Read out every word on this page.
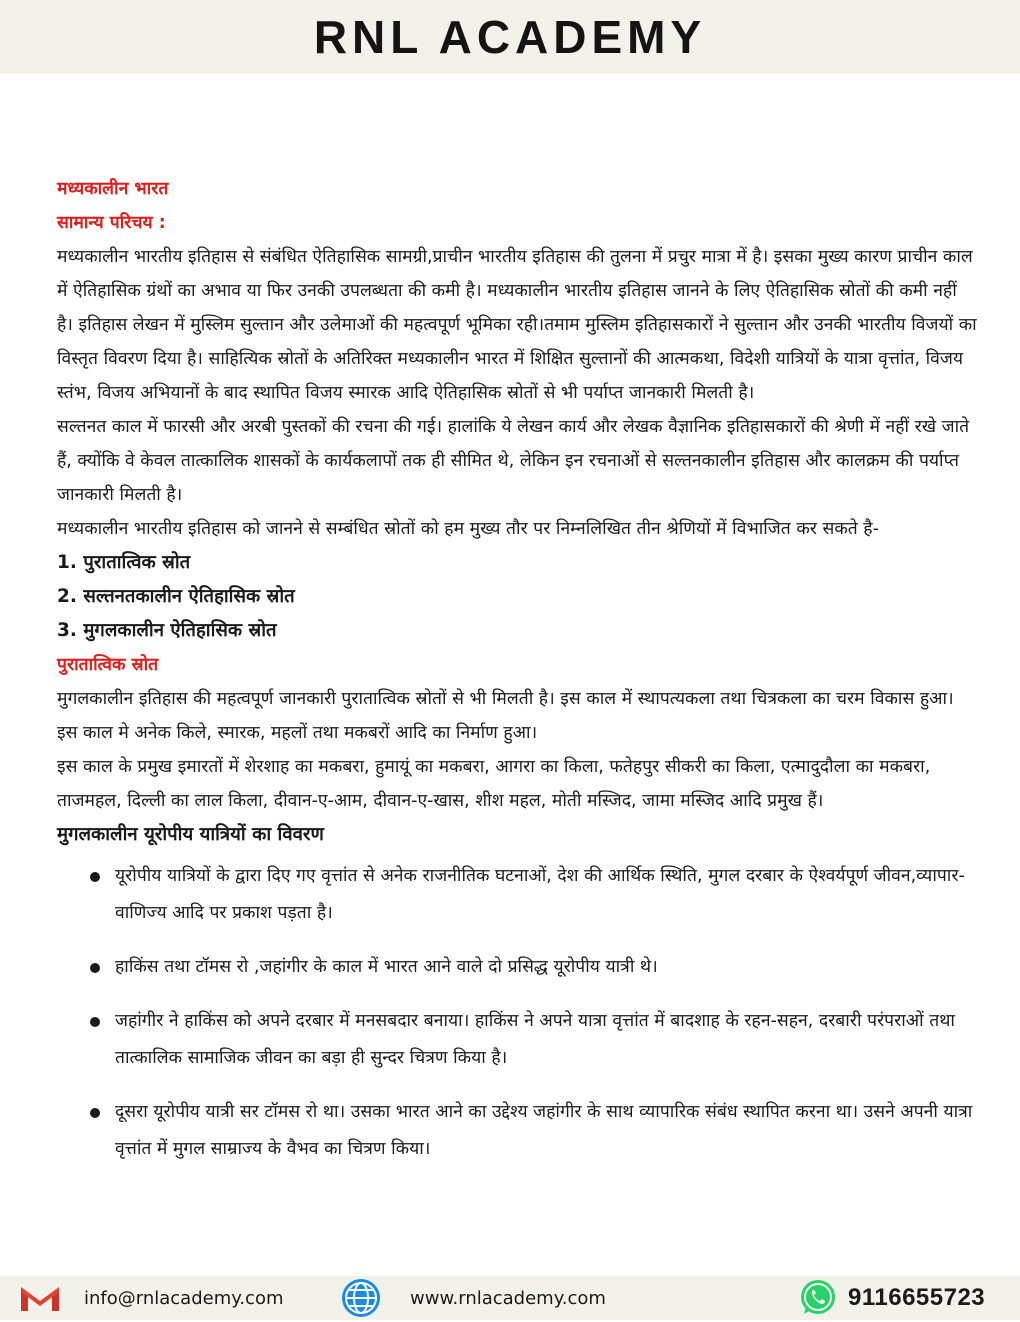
RNL ACADEMY

मध्यकालीन भारत

सामान्य परिचय :

मध्यकालीन भारतीय इतिहास से संबंधित ऐतिहासिक सामग्री,प्राचीन भारतीय इतिहास की तुलना में प्रचुर मात्रा में है। इसका मुख्य कारण प्राचीन काल में ऐतिहासिक ग्रंथों का अभाव या फिर उनकी उपलब्धता की कमी है। मध्यकालीन भारतीय इतिहास जानने के लिए ऐतिहासिक स्रोतों की कमी नहीं है। इतिहास लेखन में मुस्लिम सुल्तान और उलेमाओं की महत्वपूर्ण भूमिका रही।तमाम मुस्लिम इतिहासकारों ने सुल्तान और उनकी भारतीय विजयों का विस्तृत विवरण दिया है। साहित्यिक स्रोतों के अतिरिक्त मध्यकालीन भारत में शिक्षित सुल्तानों की आत्मकथा, विदेशी यात्रियों के यात्रा वृत्तांत, विजय स्तंभ, विजय अभियानों के बाद स्थापित विजय स्मारक आदि ऐतिहासिक स्रोतों से भी पर्याप्त जानकारी मिलती है।

सल्तनत काल में फारसी और अरबी पुस्तकों की रचना की गई। हालांकि ये लेखन कार्य और लेखक वैज्ञानिक इतिहासकारों की श्रेणी में नहीं रखे जाते हैं, क्योंकि वे केवल तात्कालिक शासकों के कार्यकलापों तक ही सीमित थे, लेकिन इन रचनाओं से सल्तनकालीन इतिहास और कालक्रम की पर्याप्त जानकारी मिलती है।

मध्यकालीन भारतीय इतिहास को जानने से सम्बंधित स्रोतों को हम मुख्य तौर पर निम्नलिखित तीन श्रेणियों में विभाजित कर सकते है-

1. पुरातात्विक स्रोत

2. सल्तनतकालीन ऐतिहासिक स्रोत

3. मुगलकालीन ऐतिहासिक स्रोत

पुरातात्विक स्रोत

मुगलकालीन इतिहास की महत्वपूर्ण जानकारी पुरातात्विक स्रोतों से भी मिलती है। इस काल में स्थापत्यकला तथा चित्रकला का चरम विकास हुआ। इस काल मे अनेक किले, स्मारक, महलों तथा मकबरों आदि का निर्माण हुआ।

इस काल के प्रमुख इमारतों में शेरशाह का मकबरा, हुमायूं का मकबरा, आगरा का किला, फतेहपुर सीकरी का किला, एत्मादुदौला का मकबरा, ताजमहल, दिल्ली का लाल किला, दीवान-ए-आम, दीवान-ए-खास, शीश महल, मोती मस्जिद, जामा मस्जिद आदि प्रमुख हैं।

मुगलकालीन यूरोपीय यात्रियों का विवरण

यूरोपीय यात्रियों के द्वारा दिए गए वृत्तांत से अनेक राजनीतिक घटनाओं, देश की आर्थिक स्थिति, मुगल दरबार के ऐश्वर्यपूर्ण जीवन,व्यापार-वाणिज्य आदि पर प्रकाश पड़ता है।
हाकिंस तथा टॉमस रो ,जहांगीर के काल में भारत आने वाले दो प्रसिद्ध यूरोपीय यात्री थे।
जहांगीर ने हाकिंस को अपने दरबार में मनसबदार बनाया। हाकिंस ने अपने यात्रा वृत्तांत में बादशाह के रहन-सहन, दरबारी परंपराओं तथा तात्कालिक सामाजिक जीवन का बड़ा ही सुन्दर चित्रण किया है।
दूसरा यूरोपीय यात्री सर टॉमस रो था। उसका भारत आने का उद्देश्य जहांगीर के साथ व्यापारिक संबंध स्थापित करना था। उसने अपनी यात्रा वृत्तांत में मुगल साम्राज्य के वैभव का चित्रण किया।
info@rnlacademy.com	www.rnlacademy.com	9116655723
